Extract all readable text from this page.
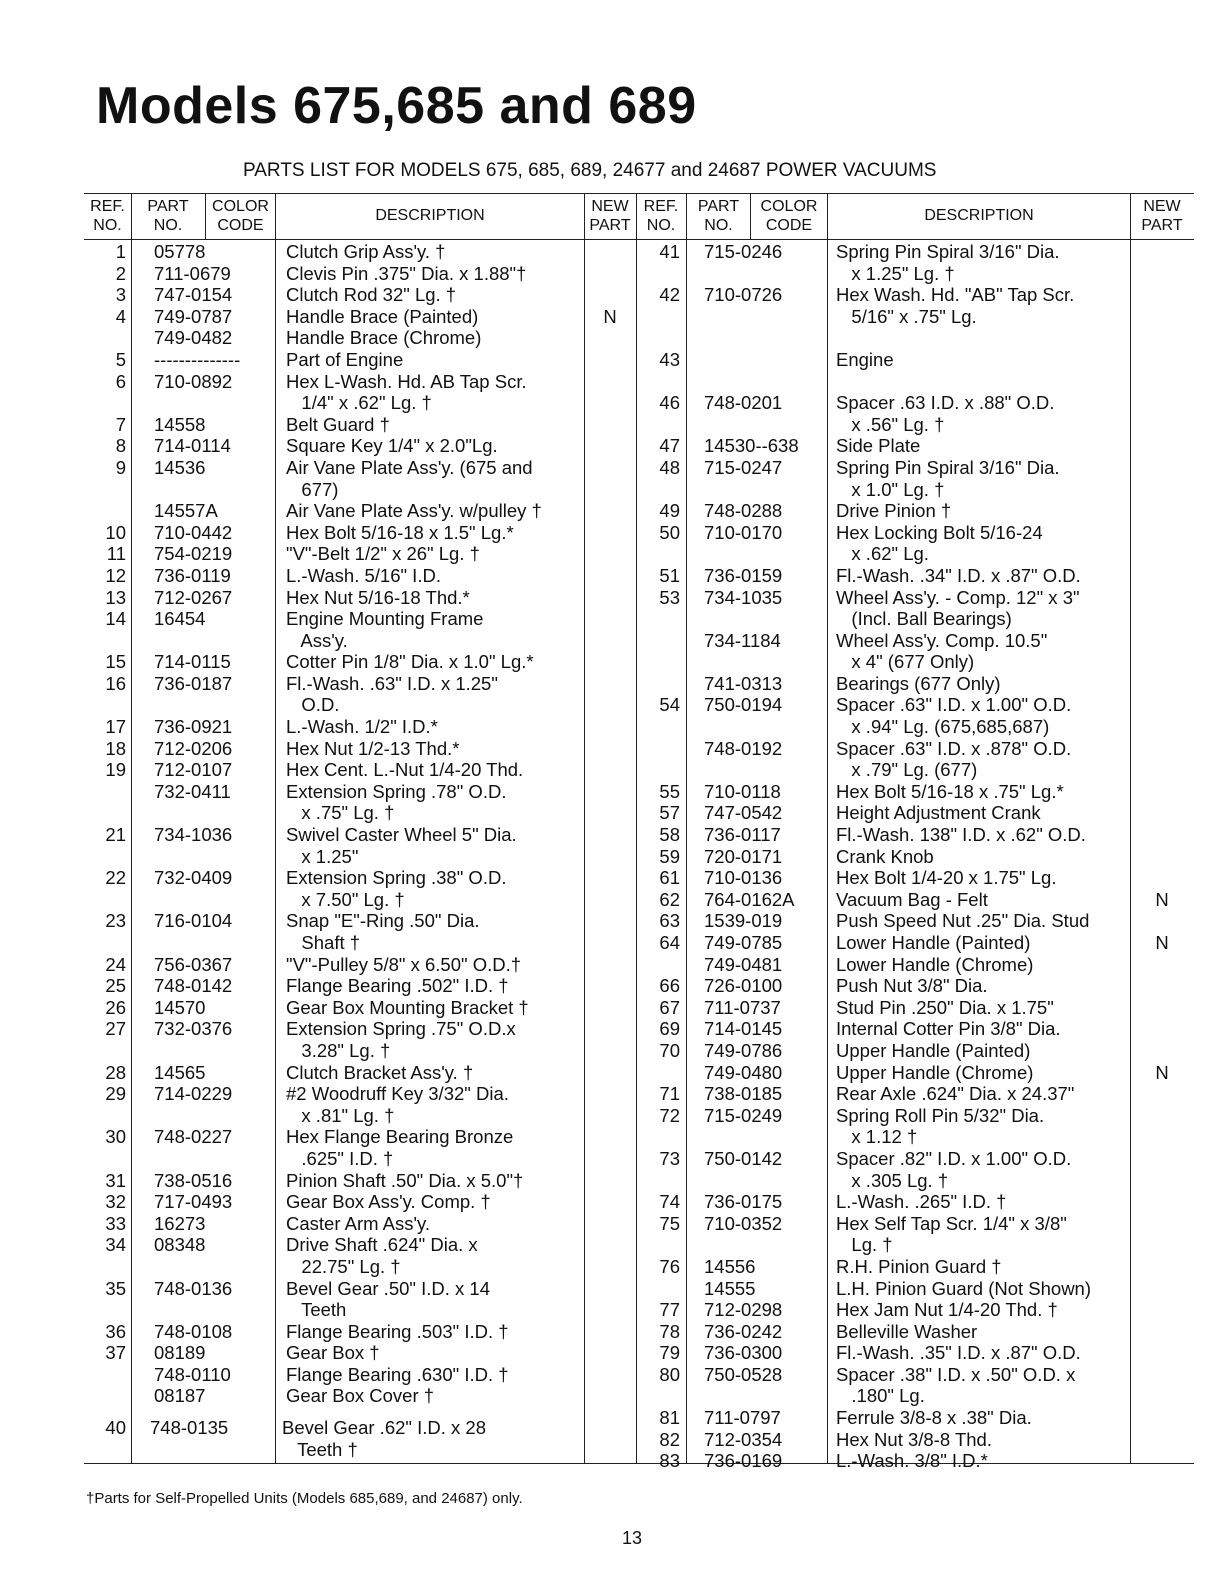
Models 675,685 and 689

PARTS LIST FOR MODELS 675, 685, 689, 24677 and 24687 POWER VACUUMS

REF.
NO.
PART
NO.
COLOR
CODE
DESCRIPTION
NEW
PART
REF.
NO.
PART
NO.
COLOR
CODE
DESCRIPTION
NEW
PART
1
2
3
4
5
6
7
8
9
10
11
12
13
14
15
16
17
18
19
21
22
23
24
25
26
27
28
29
30
31
32
33
34
35
36
37
05778
711-0679
747-0154
749-0787
749-0482
--------------
710-0892
14558
714-0114
14536
14557A
710-0442
754-0219
736-0119
712-0267
16454
714-0115
736-0187
736-0921
712-0206
712-0107
732-0411
734-1036
732-0409
716-0104
756-0367
748-0142
14570
732-0376
14565
714-0229
748-0227
738-0516
717-0493
16273
08348
748-0136
748-0108
08189
748-0110
08187
Clutch Grip Ass'y. †
Clevis Pin .375" Dia. x 1.88"†
Clutch Rod 32" Lg. †
Handle Brace (Painted)
Handle Brace (Chrome)
Part of Engine
Hex L-Wash. Hd. AB Tap Scr.
1/4" x .62" Lg. †
Belt Guard †
Square Key 1/4" x 2.0"Lg.
Air Vane Plate Ass'y. (675 and
677)
Air Vane Plate Ass'y. w/pulley †
Hex Bolt 5/16-18 x 1.5" Lg.*
"V"-Belt 1/2" x 26" Lg. †
L.-Wash. 5/16" I.D.
Hex Nut 5/16-18 Thd.*
Engine Mounting Frame
Ass'y.
Cotter Pin 1/8" Dia. x 1.0" Lg.*
Fl.-Wash. .63" I.D. x 1.25"
O.D.
L.-Wash. 1/2" I.D.*
Hex Nut 1/2-13 Thd.*
Hex Cent. L.-Nut 1/4-20 Thd.
Extension Spring .78" O.D.
x .75" Lg. †
Swivel Caster Wheel 5" Dia.
x 1.25"
Extension Spring .38" O.D.
x 7.50" Lg. †
Snap "E"-Ring .50" Dia.
Shaft †
"V"-Pulley 5/8" x 6.50" O.D.†
Flange Bearing .502" I.D. †
Gear Box Mounting Bracket †
Extension Spring .75" O.D.x
3.28" Lg. †
Clutch Bracket Ass'y. †
#2 Woodruff Key 3/32" Dia.
x .81" Lg. †
Hex Flange Bearing Bronze
.625" I.D. †
Pinion Shaft .50" Dia. x 5.0"†
Gear Box Ass'y. Comp. †
Caster Arm Ass'y.
Drive Shaft .624" Dia. x
22.75" Lg. †
Bevel Gear .50" I.D. x 14
Teeth
Flange Bearing .503" I.D. †
Gear Box †
Flange Bearing .630" I.D. †
Gear Box Cover †
N
41
42
43
46
47
48
49
50
51
53
54
55
57
58
59
61
62
63
64
66
67
69
70
71
72
73
74
75
76
77
78
79
80
81
82
83
715-0246
710-0726
748-0201
14530--638
715-0247
748-0288
710-0170
736-0159
734-1035
734-1184
741-0313
750-0194
748-0192
710-0118
747-0542
736-0117
720-0171
710-0136
764-0162A
1539-019
749-0785
749-0481
726-0100
711-0737
714-0145
749-0786
749-0480
738-0185
715-0249
750-0142
736-0175
710-0352
14556
14555
712-0298
736-0242
736-0300
750-0528
711-0797
712-0354
736-0169
Spring Pin Spiral 3/16" Dia.
x 1.25" Lg. †
Hex Wash. Hd. "AB" Tap Scr.
5/16" x .75" Lg.
Engine
Spacer .63 I.D. x .88" O.D.
x .56" Lg. †
Side Plate
Spring Pin Spiral 3/16" Dia.
x 1.0" Lg. †
Drive Pinion †
Hex Locking Bolt 5/16-24
x .62" Lg.
Fl.-Wash. .34" I.D. x .87" O.D.
Wheel Ass'y. - Comp. 12" x 3"
(Incl. Ball Bearings)
Wheel Ass'y. Comp. 10.5"
x 4" (677 Only)
Bearings (677 Only)
Spacer .63" I.D. x 1.00" O.D.
x .94" Lg. (675,685,687)
Spacer .63" I.D. x .878" O.D.
x .79" Lg. (677)
Hex Bolt 5/16-18 x .75" Lg.*
Height Adjustment Crank
Fl.-Wash. 138" I.D. x .62" O.D.
Crank Knob
Hex Bolt 1/4-20 x 1.75" Lg.
Vacuum Bag - Felt
Push Speed Nut .25" Dia. Stud
Lower Handle (Painted)
Lower Handle (Chrome)
Push Nut 3/8" Dia.
Stud Pin .250" Dia. x 1.75"
Internal Cotter Pin 3/8" Dia.
Upper Handle (Painted)
Upper Handle (Chrome)
Rear Axle .624" Dia. x 24.37"
Spring Roll Pin 5/32" Dia.
x 1.12 †
Spacer .82" I.D. x 1.00" O.D.
x .305 Lg. †
L.-Wash. .265" I.D. †
Hex Self Tap Scr. 1/4" x 3/8"
Lg. †
R.H. Pinion Guard †
L.H. Pinion Guard (Not Shown)
Hex Jam Nut 1/4-20 Thd. †
Belleville Washer
Fl.-Wash. .35" I.D. x .87" O.D.
Spacer .38" I.D. x .50" O.D. x
.180" Lg.
Ferrule 3/8-8 x .38" Dia.
Hex Nut 3/8-8 Thd.
L.-Wash. 3/8" I.D.*
N
N
N
40 748-0135	Bevel Gear .62" I.D. x 28
Teeth †
†Parts for Self-Propelled Units (Models 685,689, and 24687) only.
13
